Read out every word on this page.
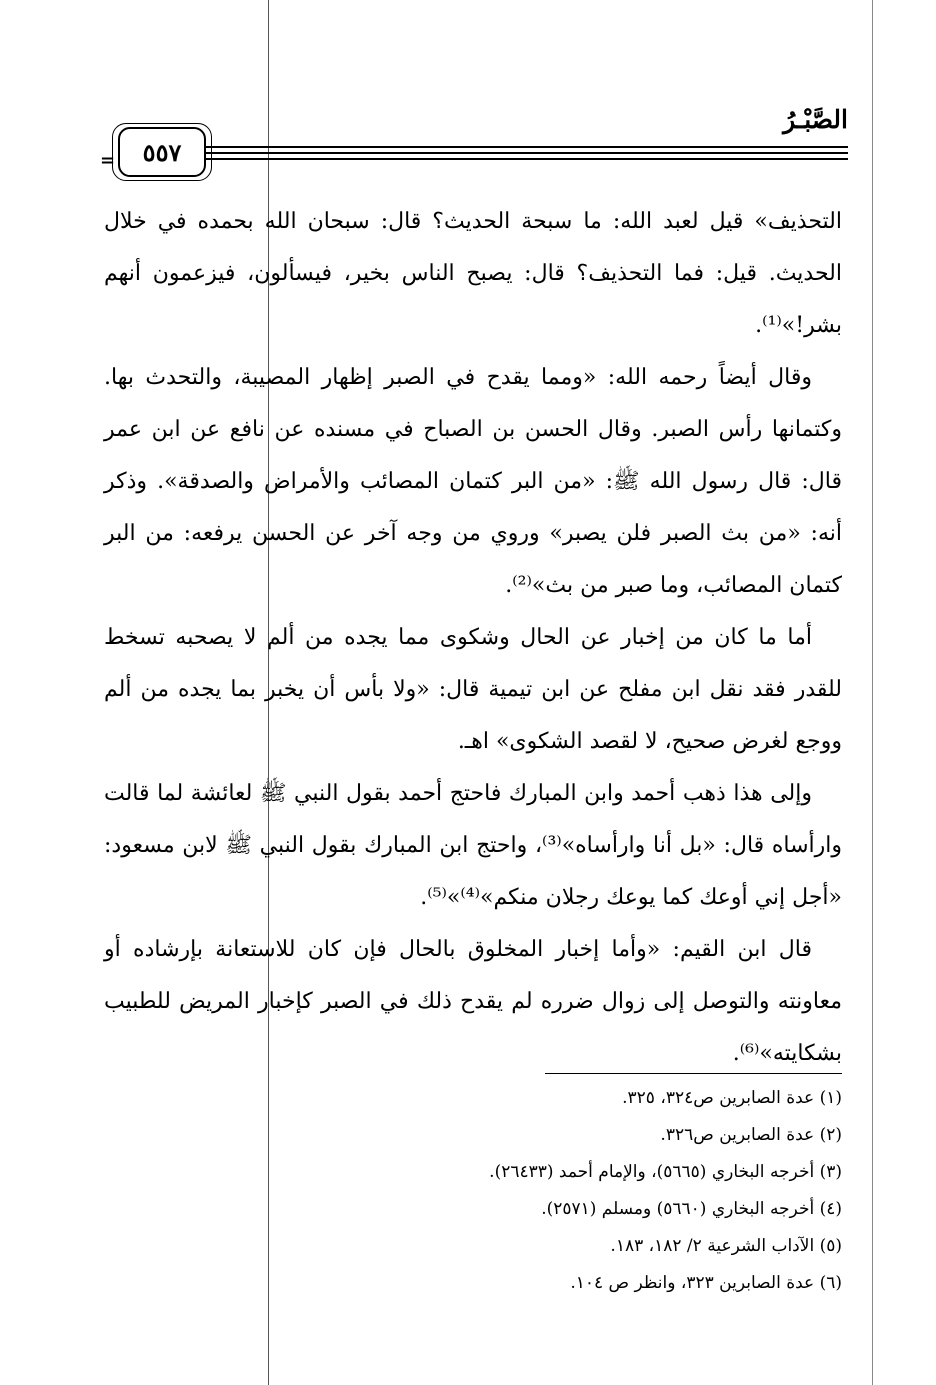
الصَّبْـرُ
٥٥٧
=

التحذيف» قيل لعبد الله: ما سبحة الحديث؟ قال: سبحان الله بحمده في خلال الحديث. قيل: فما التحذيف؟ قال: يصبح الناس بخير، فيسألون، فيزعمون أنهم بشر!»⁽¹⁾.

وقال أيضاً رحمه الله: «ومما يقدح في الصبر إظهار المصيبة، والتحدث بها. وكتمانها رأس الصبر. وقال الحسن بن الصباح في مسنده عن نافع عن ابن عمر قال: قال رسول الله ﷺ: «من البر كتمان المصائب والأمراض والصدقة». وذكر أنه: «من بث الصبر فلن يصبر» وروي من وجه آخر عن الحسن يرفعه: من البر كتمان المصائب، وما صبر من بث»⁽²⁾.

أما ما كان من إخبار عن الحال وشكوى مما يجده من ألم لا يصحبه تسخط للقدر فقد نقل ابن مفلح عن ابن تيمية قال: «ولا بأس أن يخبر بما يجده من ألم ووجع لغرض صحيح، لا لقصد الشكوى» اهـ.

وإلى هذا ذهب أحمد وابن المبارك فاحتج أحمد بقول النبي ﷺ لعائشة لما قالت وارأساه قال: «بل أنا وارأساه»⁽³⁾، واحتج ابن المبارك بقول النبي ﷺ لابن مسعود: «أجل إني أوعك كما يوعك رجلان منكم»⁽⁴⁾»⁽⁵⁾.

قال ابن القيم: «وأما إخبار المخلوق بالحال فإن كان للاستعانة بإرشاده أو معاونته والتوصل إلى زوال ضرره لم يقدح ذلك في الصبر كإخبار المريض للطبيب بشكايته»⁽⁶⁾.

(١) عدة الصابرين ص٣٢٤، ٣٢٥.

(٢) عدة الصابرين ص٣٢٦.

(٣) أخرجه البخاري (٥٦٦٥)، والإمام أحمد (٢٦٤٣٣).

(٤) أخرجه البخاري (٥٦٦٠) ومسلم (٢٥٧١).

(٥) الآداب الشرعية ٢/ ١٨٢، ١٨٣.

(٦) عدة الصابرين ٣٢٣، وانظر ص ١٠٤.
